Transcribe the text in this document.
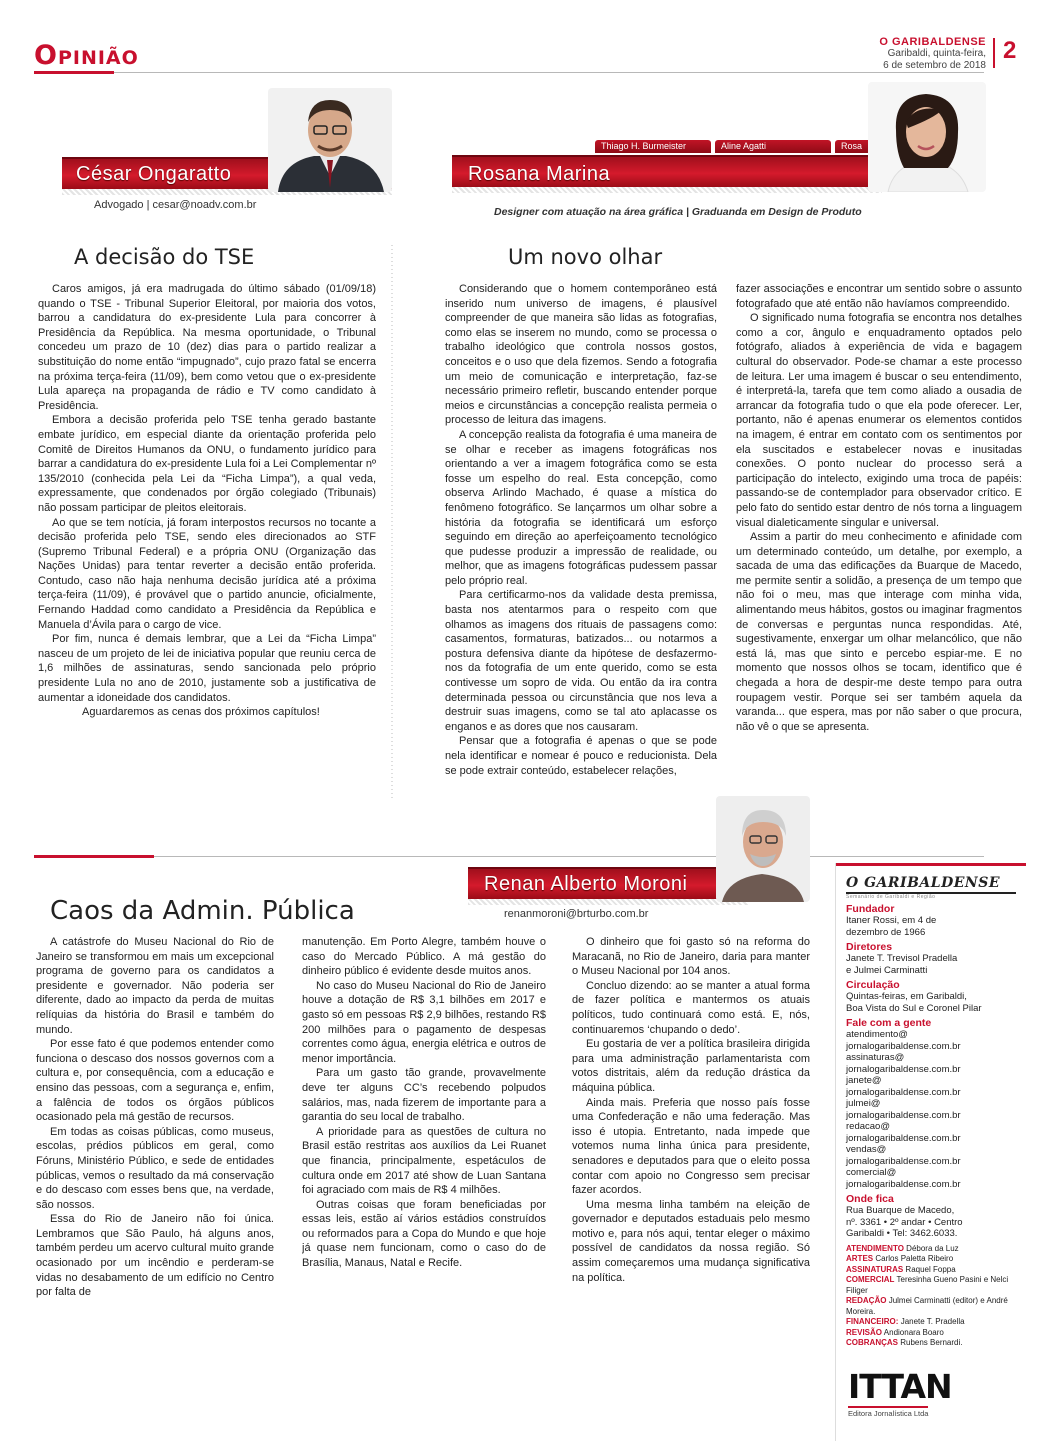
Opinião	O GARIBALDENSE
Garibaldi, quinta-feira,
6 de setembro de 2018
2
César Ongaratto
Advogado | cesar@noadv.com.br
A decisão do TSE

Caros amigos, já era madrugada do último sábado (01/09/18) quando o TSE - Tribunal Superior Eleitoral, por maioria dos votos, barrou a candidatura do ex-presidente Lula para concorrer à Presidência da República. Na mesma oportunidade, o Tribunal concedeu um prazo de 10 (dez) dias para o partido realizar a substituição do nome então “impugnado”, cujo prazo fatal se encerra na próxima terça-feira (11/09), bem como vetou que o ex-presidente Lula apareça na propaganda de rádio e TV como candidato à Presidência.

Embora a decisão proferida pelo TSE tenha gerado bastante embate jurídico, em especial diante da orientação proferida pelo Comitê de Direitos Humanos da ONU, o fundamento jurídico para barrar a candidatura do ex-presidente Lula foi a Lei Complementar nº 135/2010 (conhecida pela Lei da “Ficha Limpa”), a qual veda, expressamente, que condenados por órgão colegiado (Tribunais) não possam participar de pleitos eleitorais.

Ao que se tem notícia, já foram interpostos recursos no tocante a decisão proferida pelo TSE, sendo eles direcionados ao STF (Supremo Tribunal Federal) e a própria ONU (Organização das Nações Unidas) para tentar reverter a decisão então proferida. Contudo, caso não haja nenhuma decisão jurídica até a próxima terça-feira (11/09), é provável que o partido anuncie, oficialmente, Fernando Haddad como candidato a Presidência da República e Manuela d’Ávila para o cargo de vice.

Por fim, nunca é demais lembrar, que a Lei da “Ficha Limpa” nasceu de um projeto de lei de iniciativa popular que reuniu cerca de 1,6 milhões de assinaturas, sendo sancionada pelo próprio presidente Lula no ano de 2010, justamente sob a justificativa de aumentar a idoneidade dos candidatos.

Aguardaremos as cenas dos próximos capítulos!

Thiago H. Burmeister	Aline Agatti	Rosa
Rosana Marina
Designer com atuação na área gráfica | Graduanda em Design de Produto
Um novo olhar

Considerando que o homem contemporâneo está inserido num universo de imagens, é plausível compreender de que maneira são lidas as fotografias, como elas se inserem no mundo, como se processa o trabalho ideológico que controla nossos gostos, conceitos e o uso que dela fizemos. Sendo a fotografia um meio de comunicação e interpretação, faz-se necessário primeiro refletir, buscando entender porque meios e circunstâncias a concepção realista permeia o processo de leitura das imagens.

A concepção realista da fotografia é uma maneira de se olhar e receber as imagens fotográficas nos orientando a ver a imagem fotográfica como se esta fosse um espelho do real. Esta concepção, como observa Arlindo Machado, é quase a mística do fenômeno fotográfico. Se lançarmos um olhar sobre a história da fotografia se identificará um esforço seguindo em direção ao aperfeiçoamento tecnológico que pudesse produzir a impressão de realidade, ou melhor, que as imagens fotográficas pudessem passar pelo próprio real.

Para certificarmo-nos da validade desta premissa, basta nos atentarmos para o respeito com que olhamos as imagens dos rituais de passagens como: casamentos, formaturas, batizados... ou notarmos a postura defensiva diante da hipótese de desfazermo-nos da fotografia de um ente querido, como se esta contivesse um sopro de vida. Ou então da ira contra determinada pessoa ou circunstância que nos leva a destruir suas imagens, como se tal ato aplacasse os enganos e as dores que nos causaram.

Pensar que a fotografia é apenas o que se pode nela identificar e nomear é pouco e reducionista. Dela se pode extrair conteúdo, estabelecer relações,

fazer associações e encontrar um sentido sobre o assunto fotografado que até então não havíamos compreendido.

O significado numa fotografia se encontra nos detalhes como a cor, ângulo e enquadramento optados pelo fotógrafo, aliados à experiência de vida e bagagem cultural do observador. Pode-se chamar a este processo de leitura. Ler uma imagem é buscar o seu entendimento, é interpretá-la, tarefa que tem como aliado a ousadia de arrancar da fotografia tudo o que ela pode oferecer. Ler, portanto, não é apenas enumerar os elementos contidos na imagem, é entrar em contato com os sentimentos por ela suscitados e estabelecer novas e inusitadas conexões. O ponto nuclear do processo será a participação do intelecto, exigindo uma troca de papéis: passando-se de contemplador para observador crítico. E pelo fato do sentido estar dentro de nós torna a linguagem visual dialeticamente singular e universal.

Assim a partir do meu conhecimento e afinidade com um determinado conteúdo, um detalhe, por exemplo, a sacada de uma das edificações da Buarque de Macedo, me permite sentir a solidão, a presença de um tempo que não foi o meu, mas que interage com minha vida, alimentando meus hábitos, gostos ou imaginar fragmentos de conversas e perguntas nunca respondidas. Até, sugestivamente, enxergar um olhar melancólico, que não está lá, mas que sinto e percebo espiar-me. E no momento que nossos olhos se tocam, identifico que é chegada a hora de despir-me deste tempo para outra roupagem vestir. Porque sei ser também aquela da varanda... que espera, mas por não saber o que procura, não vê o que se apresenta.

Renan Alberto Moroni
renanmoroni@brturbo.com.br
Caos da Admin. Pública

A catástrofe do Museu Nacional do Rio de Janeiro se transformou em mais um excepcional programa de governo para os candidatos a presidente e governador. Não poderia ser diferente, dado ao impacto da perda de muitas relíquias da história do Brasil e também do mundo.

Por esse fato é que podemos entender como funciona o descaso dos nossos governos com a cultura e, por consequência, com a educação e ensino das pessoas, com a segurança e, enfim, a falência de todos os órgãos públicos ocasionado pela má gestão de recursos.

Em todas as coisas públicas, como museus, escolas, prédios públicos em geral, como Fóruns, Ministério Público, e sede de entidades públicas, vemos o resultado da má conservação e do descaso com esses bens que, na verdade, são nossos.

Essa do Rio de Janeiro não foi única. Lembramos que São Paulo, há alguns anos, também perdeu um acervo cultural muito grande ocasionado por um incêndio e perderam-se vidas no desabamento de um edifício no Centro por falta de

manutenção. Em Porto Alegre, também houve o caso do Mercado Público. A má gestão do dinheiro público é evidente desde muitos anos.

No caso do Museu Nacional do Rio de Janeiro houve a dotação de R$ 3,1 bilhões em 2017 e gasto só em pessoas R$ 2,9 bilhões, restando R$ 200 milhões para o pagamento de despesas correntes como água, energia elétrica e outros de menor importância.

Para um gasto tão grande, provavelmente deve ter alguns CC’s recebendo polpudos salários, mas, nada fizerem de importante para a garantia do seu local de trabalho.

A prioridade para as questões de cultura no Brasil estão restritas aos auxílios da Lei Ruanet que financia, principalmente, espetáculos de cultura onde em 2017 até show de Luan Santana foi agraciado com mais de R$ 4 milhões.

Outras coisas que foram beneficiadas por essas leis, estão aí vários estádios construídos ou reformados para a Copa do Mundo e que hoje já quase nem funcionam, como o caso do de Brasília, Manaus, Natal e Recife.

O dinheiro que foi gasto só na reforma do Maracanã, no Rio de Janeiro, daria para manter o Museu Nacional por 104 anos.

Concluo dizendo: ao se manter a atual forma de fazer política e mantermos os atuais políticos, tudo continuará como está. E, nós, continuaremos ‘chupando o dedo’.

Eu gostaria de ver a política brasileira dirigida para uma administração parlamentarista com votos distritais, além da redução drástica da máquina pública.

Ainda mais. Preferia que nosso país fosse uma Confederação e não uma federação. Mas isso é utopia. Entretanto, nada impede que votemos numa linha única para presidente, senadores e deputados para que o eleito possa contar com apoio no Congresso sem precisar fazer acordos.

Uma mesma linha também na eleição de governador e deputados estaduais pelo mesmo motivo e, para nós aqui, tentar eleger o máximo possível de candidatos da nossa região. Só assim começaremos uma mudança significativa na política.

O GARIBALDENSE
Semanário de Garibaldi e Região
Fundador
Itaner Rossi, em 4 de
dezembro de 1966
Diretores
Janete T. Trevisol Pradella
e Julmei Carminatti
Circulação
Quintas-feiras, em Garibaldi,
Boa Vista do Sul e Coronel Pilar
Fale com a gente
atendimento@
jornalogaribaldense.com.br
assinaturas@
jornalogaribaldense.com.br
janete@
jornalogaribaldense.com.br
julmei@
jornalogaribaldense.com.br
redacao@
jornalogaribaldense.com.br
vendas@
jornalogaribaldense.com.br
comercial@
jornalogaribaldense.com.br
Onde fica
Rua Buarque de Macedo,
nº. 3361 • 2º andar • Centro
Garibaldi • Tel: 3462.6033.
ATENDIMENTO Débora da Luz
ARTES Carlos Paletta Ribeiro
ASSINATURAS Raquel Foppa
COMERCIAL Teresinha Gueno Pasini e Nelci Filiger
REDAÇÃO Julmei Carminatti (editor) e André Moreira.
FINANCEIRO: Janete T. Pradella
REVISÃO Andionara Boaro
COBRANÇAS Rubens Bernardi.
ITTAN
Editora Jornalística Ltda
